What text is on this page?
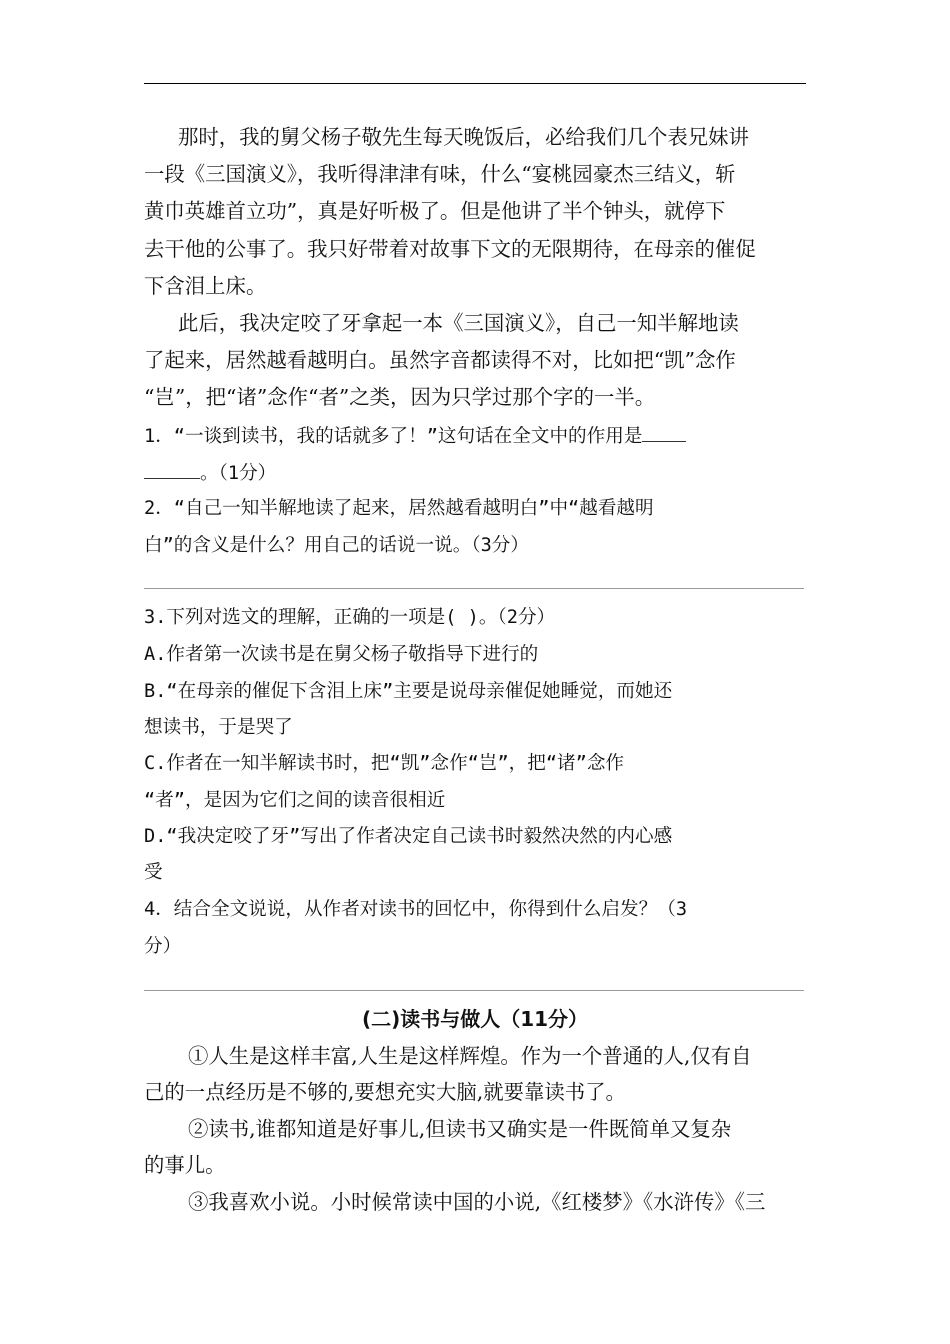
那时，我的舅父杨子敬先生每天晚饭后，必给我们几个表兄妹讲
一段《三国演义》，我听得津津有味，什么“宴桃园豪杰三结义，斩
黄巾英雄首立功”，真是好听极了。但是他讲了半个钟头，就停下
去干他的公事了。我只好带着对故事下文的无限期待，在母亲的催促
下含泪上床。
此后，我决定咬了牙拿起一本《三国演义》，自己一知半解地读
了起来，居然越看越明白。虽然字音都读得不对，比如把“凯”念作
“岂”，把“诸”念作“者”之类，因为只学过那个字的一半。
1．“一谈到读书，我的话就多了！”这句话在全文中的作用是
。（1分）
2．“自己一知半解地读了起来，居然越看越明白”中“越看越明
白”的含义是什么？用自己的话说一说。（3分）
3.下列对选文的理解，正确的一项是( )。（2分）
A.作者第一次读书是在舅父杨子敬指导下进行的
B.“在母亲的催促下含泪上床”主要是说母亲催促她睡觉，而她还
想读书，于是哭了
C.作者在一知半解读书时，把“凯”念作“岂”，把“诸”念作
“者”，是因为它们之间的读音很相近
D.“我决定咬了牙”写出了作者决定自己读书时毅然决然的内心感
受
4．结合全文说说，从作者对读书的回忆中，你得到什么启发？（3
分）
(二)读书与做人（11分）
①人生是这样丰富,人生是这样辉煌。作为一个普通的人,仅有自
己的一点经历是不够的,要想充实大脑,就要靠读书了。
②读书,谁都知道是好事儿,但读书又确实是一件既简单又复杂
的事儿。
③我喜欢小说。小时候常读中国的小说,《红楼梦》《水浒传》《三
